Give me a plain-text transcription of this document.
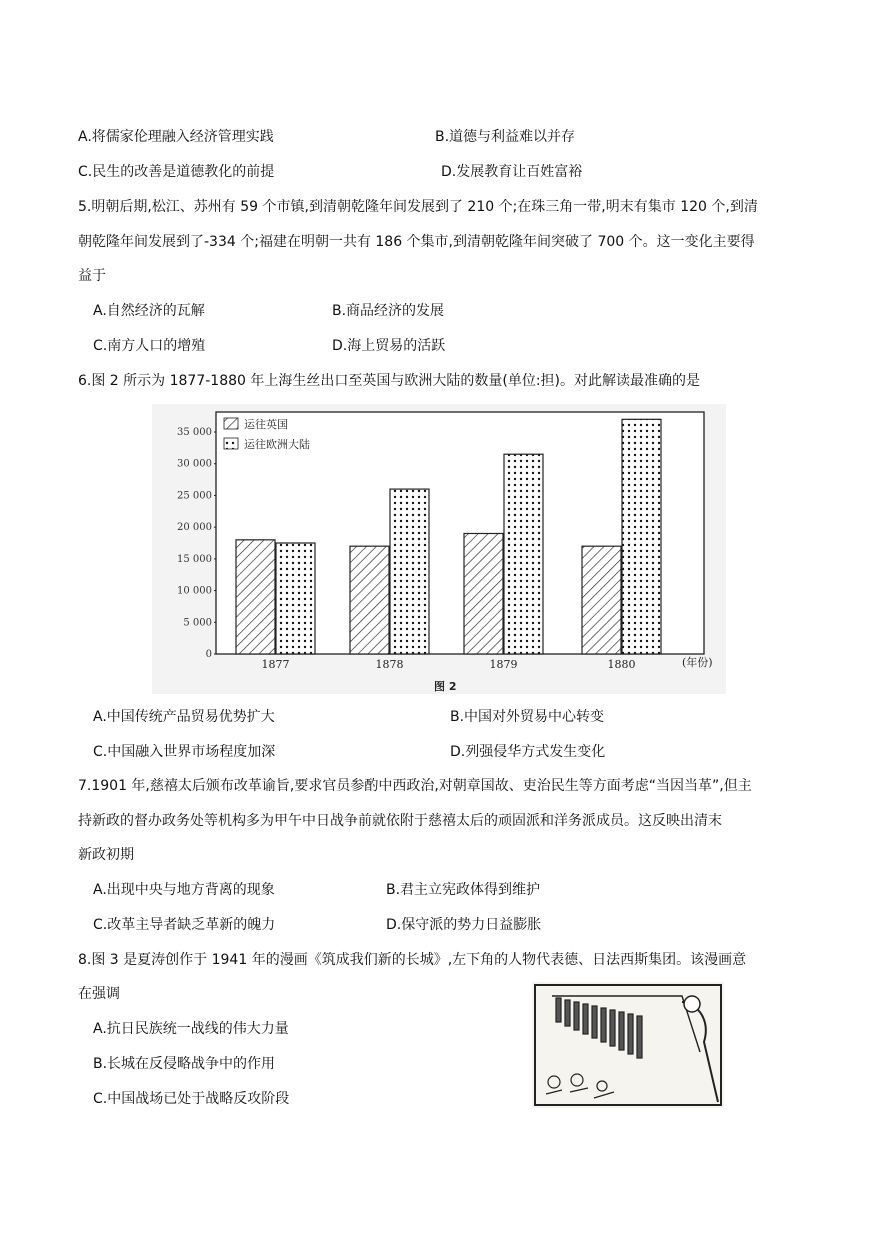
A.将儒家伦理融入经济管理实践	B.道德与利益难以并存
C.民生的改善是道德教化的前提	D.发展教育让百姓富裕
5.明朝后期,松江、苏州有 59 个市镇,到清朝乾隆年间发展到了 210 个;在珠三角一带,明末有集市 120 个,到清
朝乾隆年间发展到了-334 个;福建在明朝一共有 186 个集市,到清朝乾隆年间突破了 700 个。这一变化主要得
益于
A.自然经济的瓦解	B.商品经济的发展
C.南方人口的增殖	D.海上贸易的活跃
6.图 2 所示为 1877-1880 年上海生丝出口至英国与欧洲大陆的数量(单位:担)。对此解读最准确的是
0
5 000
10 000
15 000
20 000
25 000
30 000
35 000
1877	1878	1879	1880
运往英国
运往欧洲大陆
(年份)
图 2
A.中国传统产品贸易优势扩大	B.中国对外贸易中心转变
C.中国融入世界市场程度加深	D.列强侵华方式发生变化
7.1901 年,慈禧太后颁布改革谕旨,要求官员参酌中西政治,对朝章国故、吏治民生等方面考虑“当因当革”,但主
持新政的督办政务处等机构多为甲午中日战争前就依附于慈禧太后的顽固派和洋务派成员。这反映出清末
新政初期
A.出现中央与地方背离的现象	B.君主立宪政体得到维护
C.改革主导者缺乏革新的魄力	D.保守派的势力日益膨胀
8.图 3 是夏涛创作于 1941 年的漫画《筑成我们新的长城》,左下角的人物代表德、日法西斯集团。该漫画意
在强调
A.抗日民族统一战线的伟大力量
B.长城在反侵略战争中的作用
C.中国战场已处于战略反攻阶段
